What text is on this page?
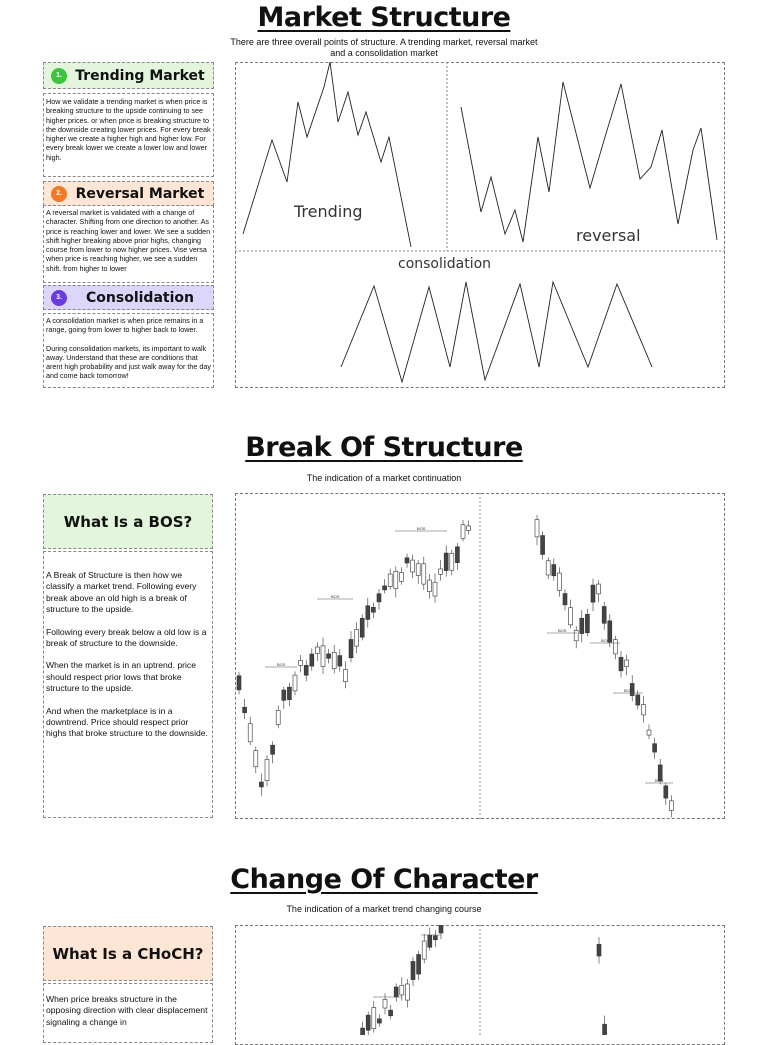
Market Structure
There are three overall points of structure. A trending market, reversal market
and a consolidation market
1. Trending Market

How we validate a trending market is when price is breaking structure to the upside continuing to see higher prices. or when price is breaking structure to the downside creating lower prices. For every break higher we create a higher high and higher low. For every break lower we create a lower low and lower high.

2. Reversal Market

A reversal market is validated with a change of character. Shifting from one direction to another. As price is reaching lower and lower. We see a sudden shift higher breaking above prior highs, changing course from lower to now higher prices. Vise versa when price is reaching higher, we see a sudden shift. from higher to lower

3.	Consolidation

A consolidation market is when price remains in a range, going from lower to higher back to lower.

During consolidation markets, its important to walk away. Understand that these are conditions that arent high probability and just walk away for the day and come back tomorrow!

Trending
reversal
consolidation
Break Of Structure
The indication of a market continuation
What Is a BOS?

A Break of Structure is then how we classify a market trend. Following every break above an old high is a break of structure to the upside.

Following every break below a old low is a break of structure to the downside.

When the market is in an uptrend. price should respect prior lows that broke structure to the upside.

And when the marketplace is in a downtrend. Price should respect prior highs that broke structure to the downside.

BOS
BOS
BOS
BOS
BOS
BOS
BOS
Change Of Character
The indication of a market trend changing course
What Is a CHoCH?

When price breaks structure in the opposing direction with clear displacement signaling a change in
